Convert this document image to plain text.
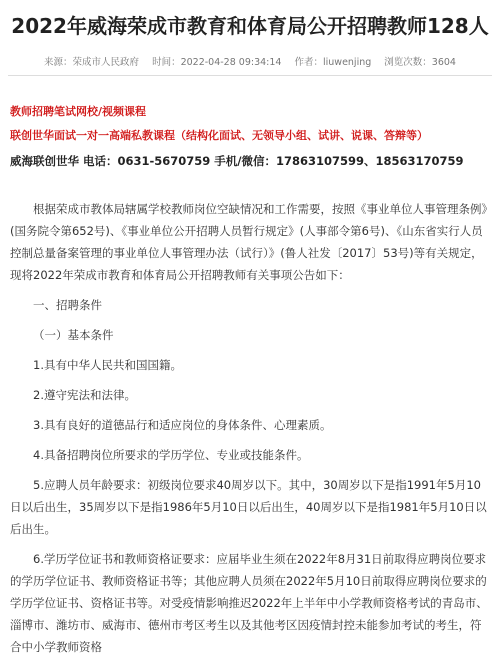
2022年威海荣成市教育和体育局公开招聘教师128人
来源：荣成市人民政府 时间：2022-04-28 09:34:14 作者：liuwenjing 浏览次数：3604
教师招聘笔试网校/视频课程
联创世华面试一对一高端私教课程（结构化面试、无领导小组、试讲、说课、答辩等）
威海联创世华 电话：0631-5670759 手机/微信：17863107599、18563170759

根据荣成市教体局辖属学校教师岗位空缺情况和工作需要，按照《事业单位人事管理条例》(国务院令第652号)、《事业单位公开招聘人员暂行规定》(人事部令第6号)、《山东省实行人员控制总量备案管理的事业单位人事管理办法（试行）》(鲁人社发〔2017〕53号)等有关规定，现将2022年荣成市教育和体育局公开招聘教师有关事项公告如下：

一、招聘条件

（一）基本条件

1.具有中华人民共和国国籍。

2.遵守宪法和法律。

3.具有良好的道德品行和适应岗位的身体条件、心理素质。

4.具备招聘岗位所要求的学历学位、专业或技能条件。

5.应聘人员年龄要求：初级岗位要求40周岁以下。其中，30周岁以下是指1991年5月10日以后出生，35周岁以下是指1986年5月10日以后出生，40周岁以下是指1981年5月10日以后出生。

6.学历学位证书和教师资格证要求：应届毕业生须在2022年8月31日前取得应聘岗位要求的学历学位证书、教师资格证书等；其他应聘人员须在2022年5月10日前取得应聘岗位要求的学历学位证书、资格证书等。对受疫情影响推迟2022年上半年中小学教师资格考试的青岛市、淄博市、潍坊市、威海市、德州市考区考生以及其他考区因疫情封控未能参加考试的考生，符合中小学教师资格
